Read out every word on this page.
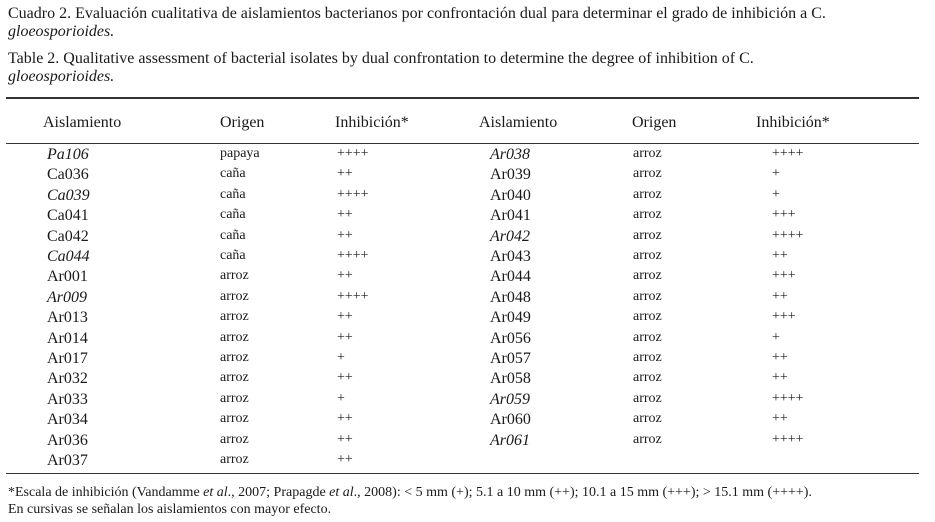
Cuadro 2. Evaluación cualitativa de aislamientos bacterianos por confrontación dual para determinar el grado de inhibición a C.
gloeosporioides.
Table 2. Qualitative assessment of bacterial isolates by dual confrontation to determine the degree of inhibition of C.
gloeosporioides.
Aislamiento	Origen	Inhibición*	Aislamiento	Origen	Inhibición*
Pa106	papaya	++++
Ca036	caña	++
Ca039	caña	++++
Ca041	caña	++
Ca042	caña	++
Ca044	caña	++++
Ar001	arroz	++
Ar009	arroz	++++
Ar013	arroz	++
Ar014	arroz	++
Ar017	arroz	+
Ar032	arroz	++
Ar033	arroz	+
Ar034	arroz	++
Ar036	arroz	++
Ar037	arroz	++
Ar038	arroz	++++
Ar039	arroz	+
Ar040	arroz	+
Ar041	arroz	+++
Ar042	arroz	++++
Ar043	arroz	++
Ar044	arroz	+++
Ar048	arroz	++
Ar049	arroz	+++
Ar056	arroz	+
Ar057	arroz	++
Ar058	arroz	++
Ar059	arroz	++++
Ar060	arroz	++
Ar061	arroz	++++
*Escala de inhibición (Vandamme et al., 2007; Prapagde et al., 2008): < 5 mm (+); 5.1 a 10 mm (++); 10.1 a 15 mm (+++); > 15.1 mm (++++).
En cursivas se señalan los aislamientos con mayor efecto.
